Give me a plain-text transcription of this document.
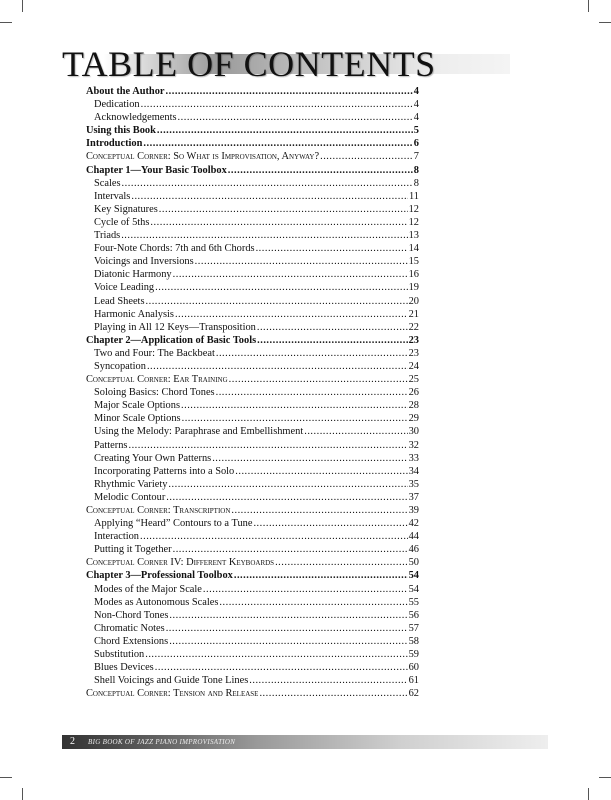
TABLE OF CONTENTS
About the Author .....	4
Dedication .....	4
Acknowledgements .....	4
Using this Book .....	5
Introduction .....	6
Conceptual Corner: So What is Improvisation, Anyway? .....	7
Chapter 1—Your Basic Toolbox .....	8
Scales .....	8
Intervals .....	11
Key Signatures .....	12
Cycle of 5ths .....	12
Triads .....	13
Four-Note Chords: 7th and 6th Chords .....	14
Voicings and Inversions .....	15
Diatonic Harmony .....	16
Voice Leading .....	19
Lead Sheets .....	20
Harmonic Analysis .....	21
Playing in All 12 Keys—Transposition .....	22
Chapter 2—Application of Basic Tools .....	23
Two and Four: The Backbeat .....	23
Syncopation .....	24
Conceptual Corner: Ear Training .....	25
Soloing Basics: Chord Tones .....	26
Major Scale Options .....	28
Minor Scale Options .....	29
Using the Melody: Paraphrase and Embellishment .....	30
Patterns .....	32
Creating Your Own Patterns .....	33
Incorporating Patterns into a Solo .....	34
Rhythmic Variety .....	35
Melodic Contour .....	37
Conceptual Corner: Transcription .....	39
Applying “Heard” Contours to a Tune .....	42
Interaction .....	44
Putting it Together .....	46
Conceptual Corner IV: Different Keyboards .....	50
Chapter 3—Professional Toolbox .....	54
Modes of the Major Scale .....	54
Modes as Autonomous Scales .....	55
Non-Chord Tones .....	56
Chromatic Notes .....	57
Chord Extensions .....	58
Substitution .....	59
Blues Devices .....	60
Shell Voicings and Guide Tone Lines .....	61
Conceptual Corner: Tension and Release .....	62
2 BIG BOOK OF JAZZ PIANO IMPROVISATION
